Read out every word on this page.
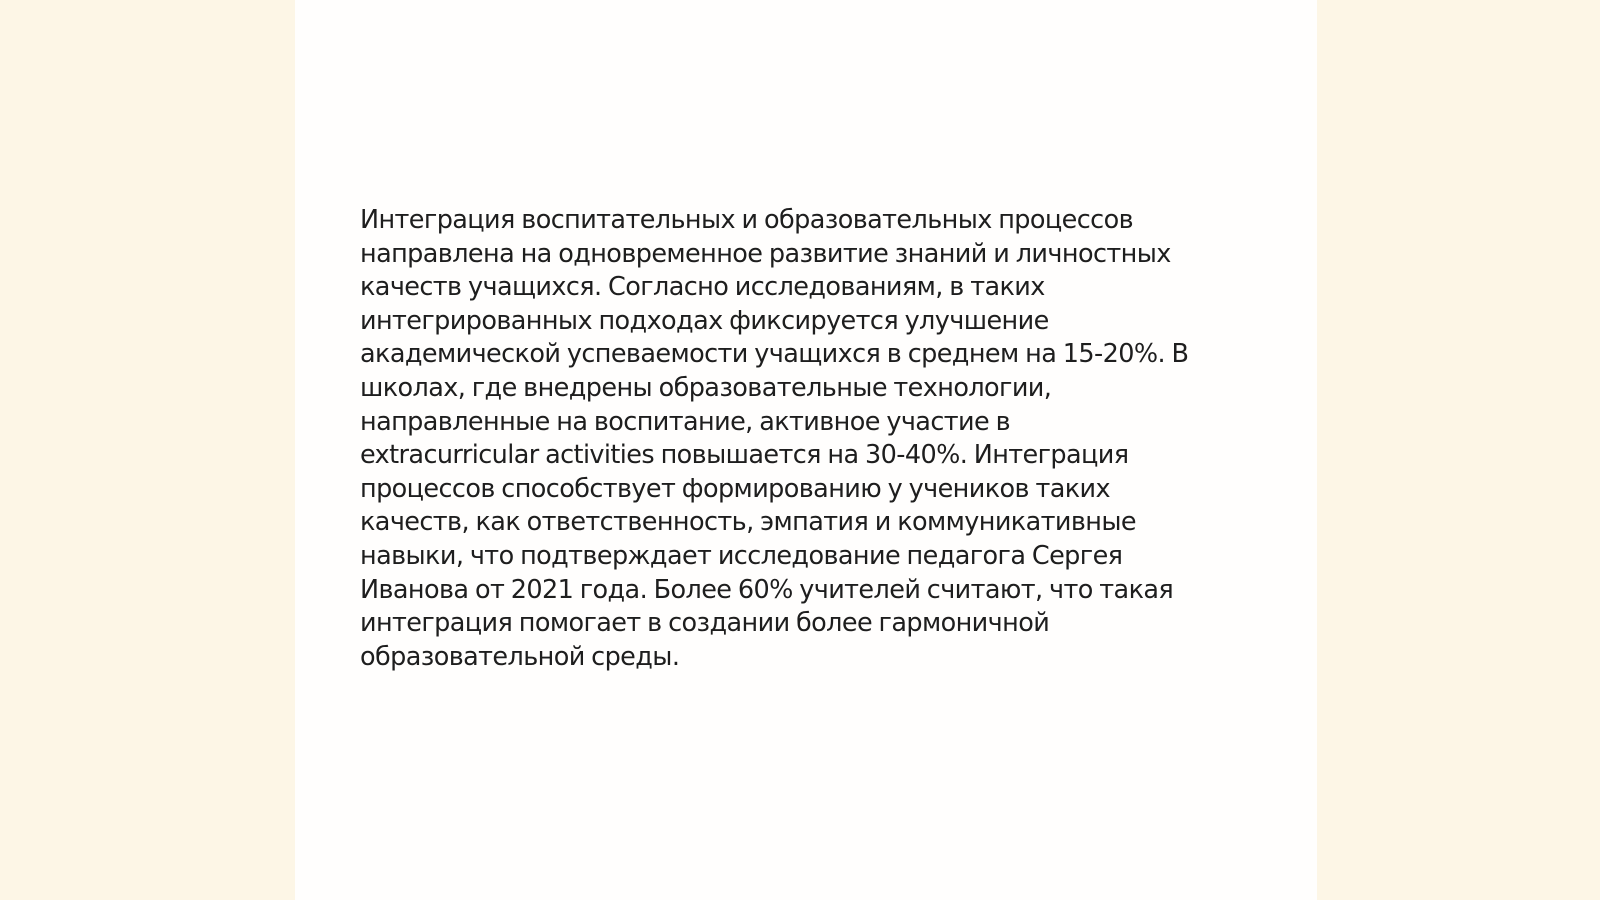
Интеграция воспитательных и образовательных процессов
направлена на одновременное развитие знаний и личностных
качеств учащихся. Согласно исследованиям, в таких
интегрированных подходах фиксируется улучшение
академической успеваемости учащихся в среднем на 15-20%. В
школах, где внедрены образовательные технологии,
направленные на воспитание, активное участие в
extracurricular activities повышается на 30-40%. Интеграция
процессов способствует формированию у учеников таких
качеств, как ответственность, эмпатия и коммуникативные
навыки, что подтверждает исследование педагога Сергея
Иванова от 2021 года. Более 60% учителей считают, что такая
интеграция помогает в создании более гармоничной
образовательной среды.
